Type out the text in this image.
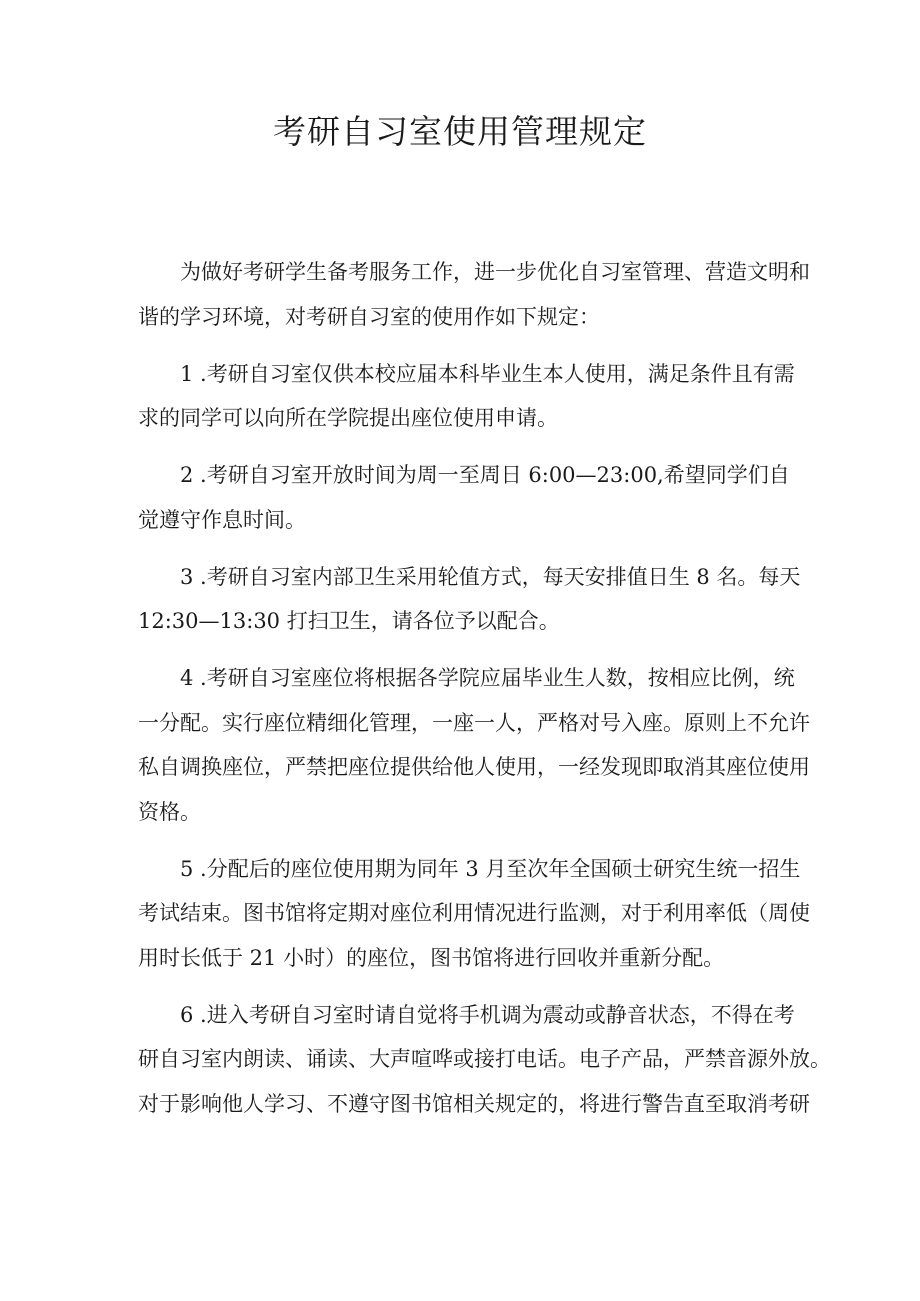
考研自习室使用管理规定

为做好考研学生备考服务工作，进一步优化自习室管理、营造文明和
谐的学习环境，对考研自习室的使用作如下规定：

1 .考研自习室仅供本校应届本科毕业生本人使用，满足条件且有需
求的同学可以向所在学院提出座位使用申请。

2 .考研自习室开放时间为周一至周日 6:00—23:00,希望同学们自
觉遵守作息时间。

3 .考研自习室内部卫生采用轮值方式，每天安排值日生 8 名。每天
12:30—13:30 打扫卫生，请各位予以配合。

4 .考研自习室座位将根据各学院应届毕业生人数，按相应比例，统
一分配。实行座位精细化管理，一座一人，严格对号入座。原则上不允许
私自调换座位，严禁把座位提供给他人使用，一经发现即取消其座位使用
资格。

5 .分配后的座位使用期为同年 3 月至次年全国硕士研究生统一招生
考试结束。图书馆将定期对座位利用情况进行监测，对于利用率低（周使
用时长低于 21 小时）的座位，图书馆将进行回收并重新分配。

6 .进入考研自习室时请自觉将手机调为震动或静音状态，不得在考
研自习室内朗读、诵读、大声喧哗或接打电话。电子产品，严禁音源外放。
对于影响他人学习、不遵守图书馆相关规定的，将进行警告直至取消考研
